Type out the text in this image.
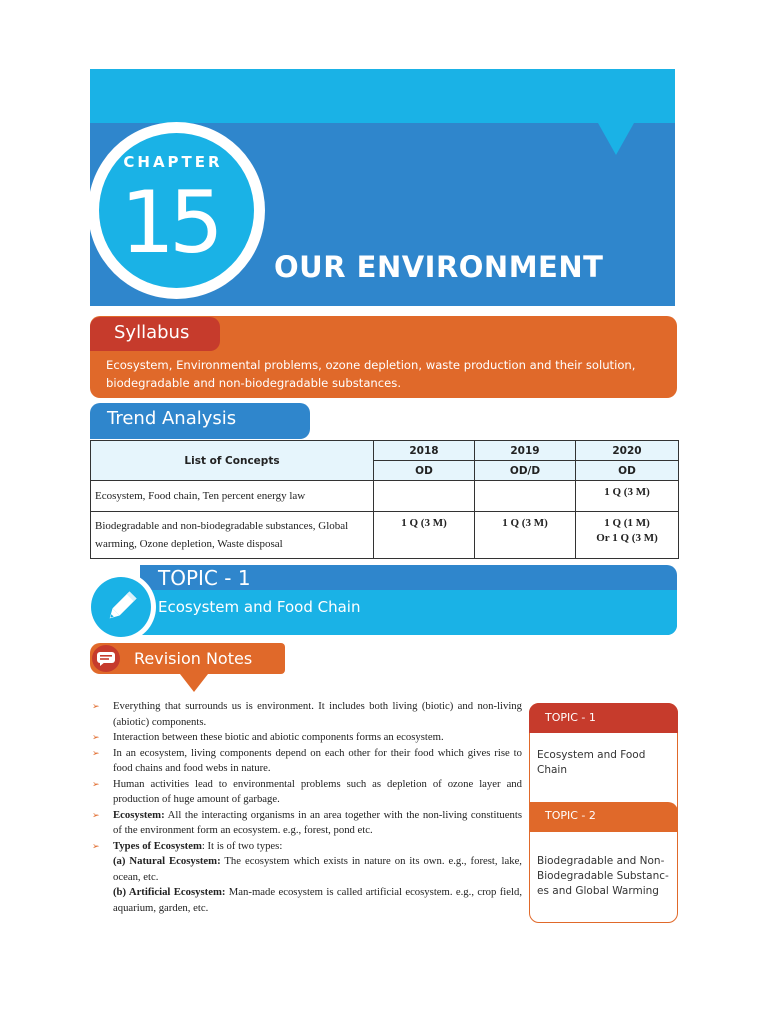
CHAPTER
15	OUR ENVIRONMENT
Syllabus
Ecosystem, Environmental problems, ozone depletion, waste production and their solution, biodegradable and non-biodegradable substances.
Trend Analysis
List of Concepts	2018	2019	2020
	OD	OD/D	OD
Ecosystem, Food chain, Ten percent energy law			1 Q (3 M)
Biodegradable and non-biodegradable substances, Global warming, Ozone depletion, Waste disposal	1 Q (3 M)	1 Q (3 M)	1 Q (1 M)
Or 1 Q (3 M)
TOPIC - 1
Ecosystem and Food Chain
Revision Notes
➢ Everything that surrounds us is environment. It includes both living (biotic) and non-living (abiotic) components.
➢ Interaction between these biotic and abiotic components forms an ecosystem.
➢ In an ecosystem, living components depend on each other for their food which gives rise to food chains and food webs in nature.
➢ Human activities lead to environmental problems such as depletion of ozone layer and production of huge amount of garbage.
➢ Ecosystem: All the interacting organisms in an area together with the non-living constituents of the environment form an ecosystem. e.g., forest, pond etc.
➢ Types of Ecosystem: It is of two types:
(a) Natural Ecosystem: The ecosystem which exists in nature on its own. e.g., forest, lake, ocean, etc.
(b) Artificial Ecosystem: Man-made ecosystem is called artificial ecosystem. e.g., crop field, aquarium, garden, etc.
TOPIC - 1
Ecosystem and Food Chain
TOPIC - 2
Biodegradable and Non-Biodegradable Substanc-es and Global Warming
